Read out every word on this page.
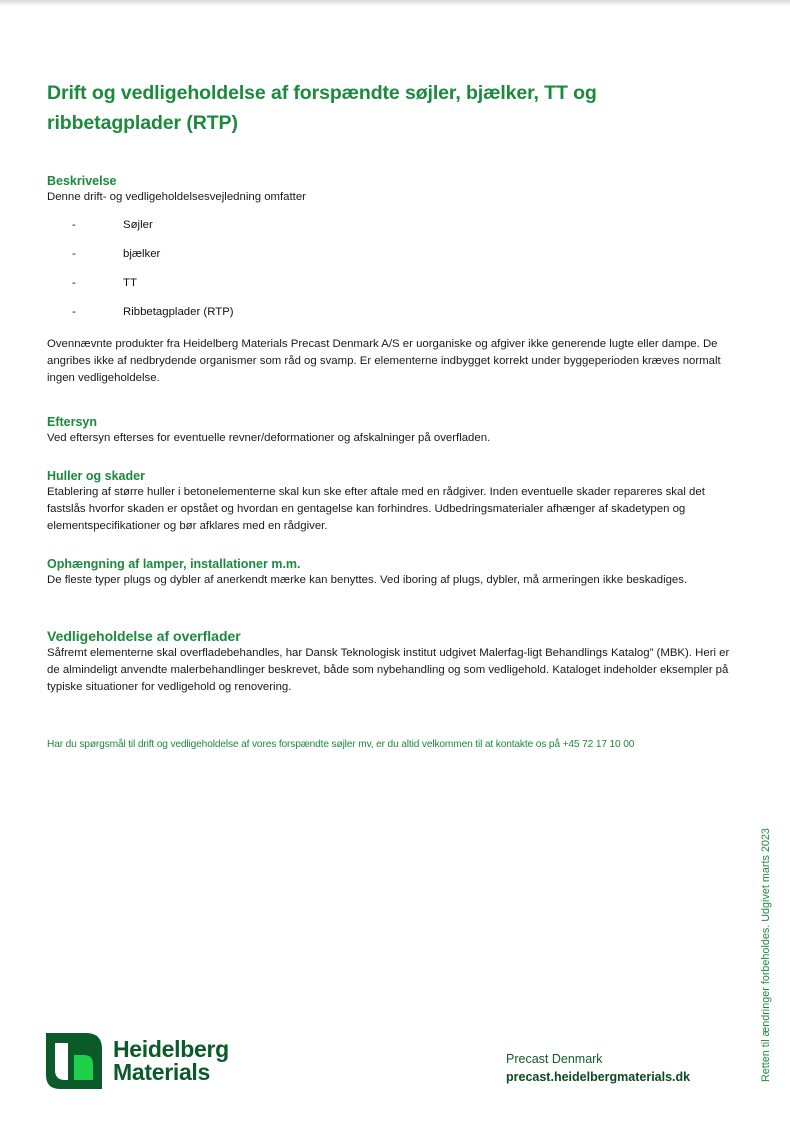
Drift og vedligeholdelse af forspændte søjler, bjælker, TT og ribbetagplader (RTP)
Beskrivelse

Denne drift- og vedligeholdelsesvejledning omfatter

-	Søjler
-	bjælker
-	TT
-	Ribbetagplader (RTP)

Ovennævnte produkter fra Heidelberg Materials Precast Denmark A/S er uorganiske og afgiver ikke generende lugte eller dampe. De angribes ikke af nedbrydende organismer som råd og svamp. Er elementerne indbygget korrekt under byggeperioden kræves normalt ingen vedligeholdelse.

Eftersyn

Ved eftersyn efterses for eventuelle revner/deformationer og afskalninger på overfladen.

Huller og skader

Etablering af større huller i betonelementerne skal kun ske efter aftale med en rådgiver. Inden eventuelle skader repareres skal det fastslås hvorfor skaden er opstået og hvordan en gentagelse kan forhindres. Udbedringsmaterialer afhænger af skadetypen og elementspecifikationer og bør afklares med en rådgiver.

Ophængning af lamper, installationer m.m.

De fleste typer plugs og dybler af anerkendt mærke kan benyttes. Ved iboring af plugs, dybler, må armeringen ikke beskadiges.

Vedligeholdelse af overflader

Såfremt elementerne skal overfladebehandles, har Dansk Teknologisk institut udgivet Malerfag-ligt Behandlings Katalog” (MBK). Heri er de almindeligt anvendte malerbehandlinger beskrevet, både som nybehandling og som vedligehold. Kataloget indeholder eksempler på typiske situationer for vedligehold og renovering.

Har du spørgsmål til drift og vedligeholdelse af vores forspændte søjler mv, er du altid velkommen til at kontakte os på +45 72 17 10 00
Heidelberg
Materials	Precast Denmark
precast.heidelbergmaterials.dk	Retten til ændringer forbeholdes. Udgivet marts 2023
